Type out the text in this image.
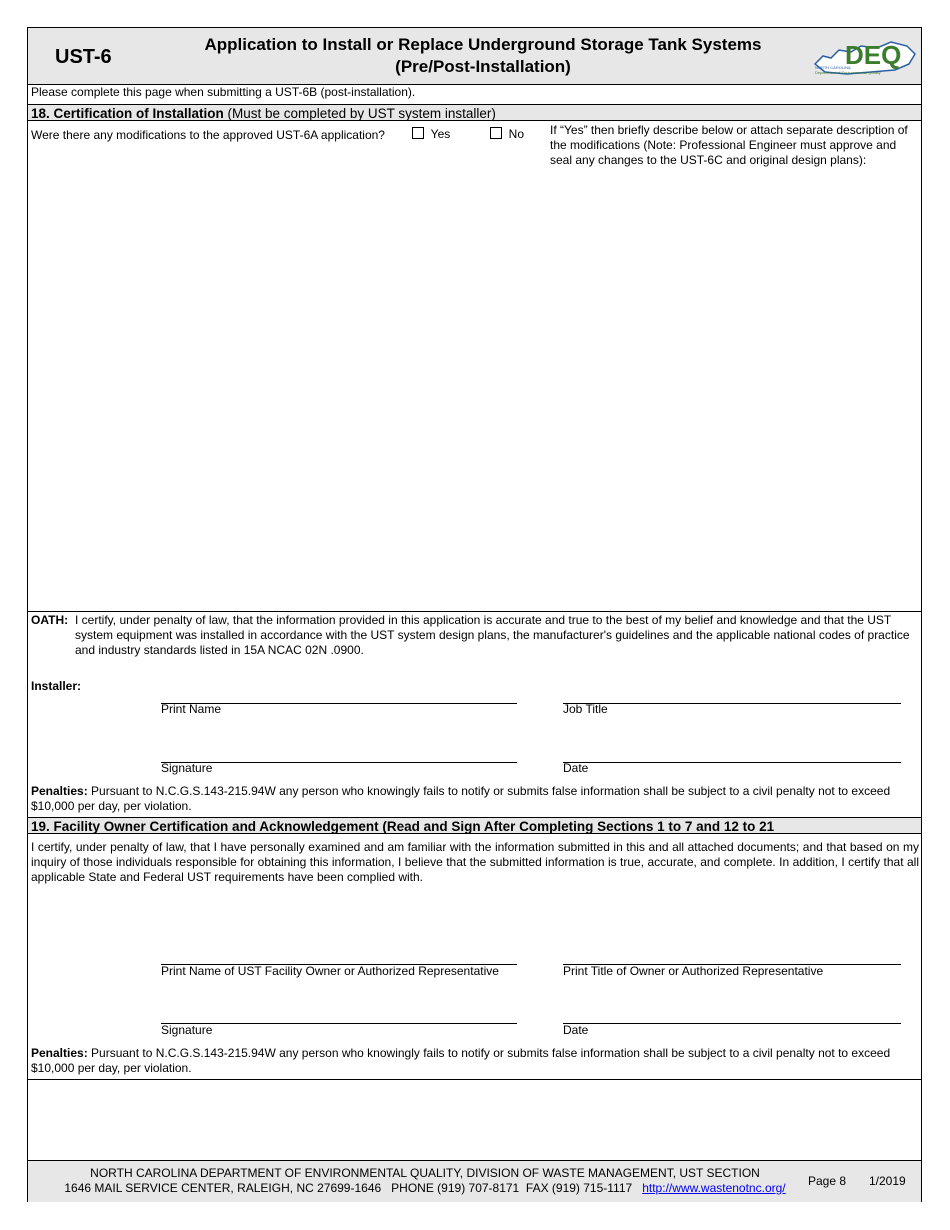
UST-6
Application to Install or Replace Underground Storage Tank Systems
(Pre/Post-Installation)	DEQ
NORTH CAROLINA
Department of Environmental Quality
Please complete this page when submitting a UST-6B (post-installation).
18. Certification of Installation (Must be completed by UST system installer)
Were there any modifications to the approved UST-6A application?	Yes	No If “Yes” then briefly describe below or attach separate description of the modifications (Note: Professional Engineer must approve and seal any changes to the UST-6C and original design plans):
OATH: I certify, under penalty of law, that the information provided in this application is accurate and true to the best of my belief and knowledge and that the UST system equipment was installed in accordance with the UST system design plans, the manufacturer's guidelines and the applicable national codes of practice and industry standards listed in 15A NCAC 02N .0900.
Installer:
Print Name	Job Title
Signature	Date
Penalties: Pursuant to N.C.G.S.143-215.94W any person who knowingly fails to notify or submits false information shall be subject to a civil penalty not to exceed $10,000 per day, per violation.
19. Facility Owner Certification and Acknowledgement (Read and Sign After Completing Sections 1 to 7 and 12 to 21
I certify, under penalty of law, that I have personally examined and am familiar with the information submitted in this and all attached documents; and that based on my inquiry of those individuals responsible for obtaining this information, I believe that the submitted information is true, accurate, and complete. In addition, I certify that all applicable State and Federal UST requirements have been complied with.
Print Name of UST Facility Owner or Authorized Representative	Print Title of Owner or Authorized Representative
Signature	Date
Penalties: Pursuant to N.C.G.S.143-215.94W any person who knowingly fails to notify or submits false information shall be subject to a civil penalty not to exceed $10,000 per day, per violation.
NORTH CAROLINA DEPARTMENT OF ENVIRONMENTAL QUALITY, DIVISION OF WASTE MANAGEMENT, UST SECTION
1646 MAIL SERVICE CENTER, RALEIGH, NC 27699-1646   PHONE (919) 707-8171  FAX (919) 715-1117 http://www.wastenotnc.org/	Page 8 1/2019
